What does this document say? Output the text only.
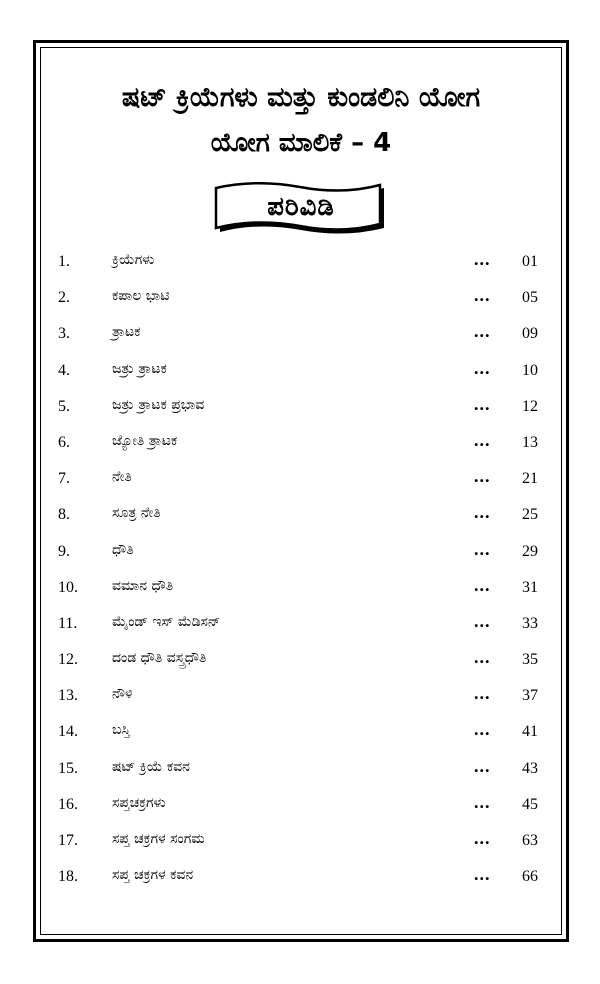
ಷಟ್ ಕ್ರಿಯೆಗಳು ಮತ್ತು ಕುಂಡಲಿನಿ ಯೋಗ
ಯೋಗ ಮಾಲಿಕೆ – 4
ಪರಿವಿಡಿ
1.	ಕ್ರಿಯೆಗಳು	... 01
2.	ಕಪಾಲ ಭಾಟಿ	... 05
3.	ತ್ರಾಟಕ	... 09
4.	ಜತ್ರು ತ್ರಾಟಕ	... 10
5.	ಜತ್ರು ತ್ರಾಟಕ ಪ್ರಭಾವ	... 12
6.	ಜ್ಯೋತಿ ತ್ರಾಟಕ	... 13
7.	ನೇತಿ	... 21
8.	ಸೂತ್ರ ನೇತಿ	... 25
9.	ಧೌತಿ	... 29
10. ವಮಾನ ಧೌತಿ	... 31
11. ಮೈಂಡ್ ಇಸ್ ಮೆಡಿಸನ್	... 33
12. ದಂಡ ಧೌತಿ ವಸ್ತ್ರಧೌತಿ	... 35
13. ನೌಳಿ	... 37
14. ಬಸ್ತಿ	... 41
15. ಷಟ್ ಕ್ರಿಯೆ ಕವನ	... 43
16. ಸಪ್ತಚಕ್ರಗಳು	... 45
17. ಸಪ್ತ ಚಕ್ರಗಳ ಸಂಗಮ	... 63
18. ಸಪ್ತ ಚಕ್ರಗಳ ಕವನ	... 66
